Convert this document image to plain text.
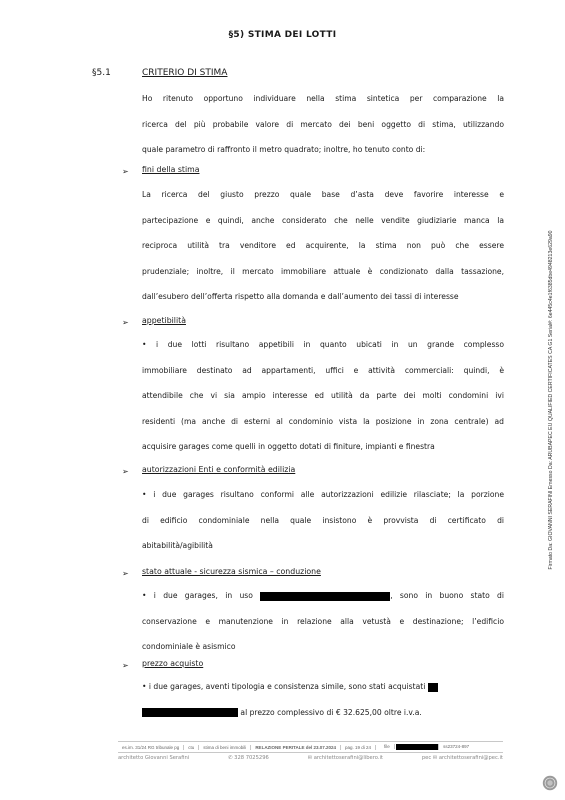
§5) STIMA DEI LOTTI
§5.1	CRITERIO DI STIMA
Ho ritenuto opportuno individuare nella stima sintetica per comparazione la
ricerca del più probabile valore di mercato dei beni oggetto di stima, utilizzando
quale parametro di raffronto il metro quadrato; inoltre, ho tenuto conto di:
➢ fini della stima
La ricerca del giusto prezzo quale base d’asta deve favorire interesse e
partecipazione e quindi, anche considerato che nelle vendite giudiziarie manca la
reciproca utilità tra venditore ed acquirente, la stima non può che essere
prudenziale; inoltre, il mercato immobiliare attuale è condizionato dalla tassazione,
dall’esubero dell’offerta rispetto alla domanda e dall’aumento dei tassi di interesse
➢ appetibilità
• i due lotti risultano appetibili in quanto ubicati in un grande complesso
immobiliare destinato ad appartamenti, uffici e attività commerciali: quindi, è
attendibile che vi sia ampio interesse ed utilità da parte dei molti condomini ivi
residenti (ma anche di esterni al condominio vista la posizione in zona centrale) ad
acquisire garages come quelli in oggetto dotati di finiture, impianti e finestra
➢ autorizzazioni Enti e conformità edilizia
• i due garages risultano conformi alle autorizzazioni edilizie rilasciate; la porzione
di edificio condominiale nella quale insistono è provvista di certificato di
abitabilità/agibilità
➢ stato attuale - sicurezza sismica – conduzione
• i due garages, in uso	, sono in buono stato di
conservazione e manutenzione in relazione alla vetustà e destinazione; l’edificio
condominiale è asismico
➢ prezzo acquisto
• i due garages, aventi tipologia e consistenza simile, sono stati acquistati
al prezzo complessivo di € 32.625,00 oltre i.v.a.
es.im. 31/24 RG tribunale pg	ctu	stima di beni immobili	RELAZIONE PERITALE del 23.07.2024	pag. 19 di 24	file	ss23724-897
architetto Giovanni Serafini	✆ 328 7025296	✉ architettoserafini@libero.it	pec ✉ architettoserafini@pec.it
Firmato Da: GIOVANNI SERAFINI Emesso Da: ARUBAPEC EU QUALIFIED CERTIFICATES CA G1 Serial#: 6e445c4e1f6385dbe4948213e629a90
